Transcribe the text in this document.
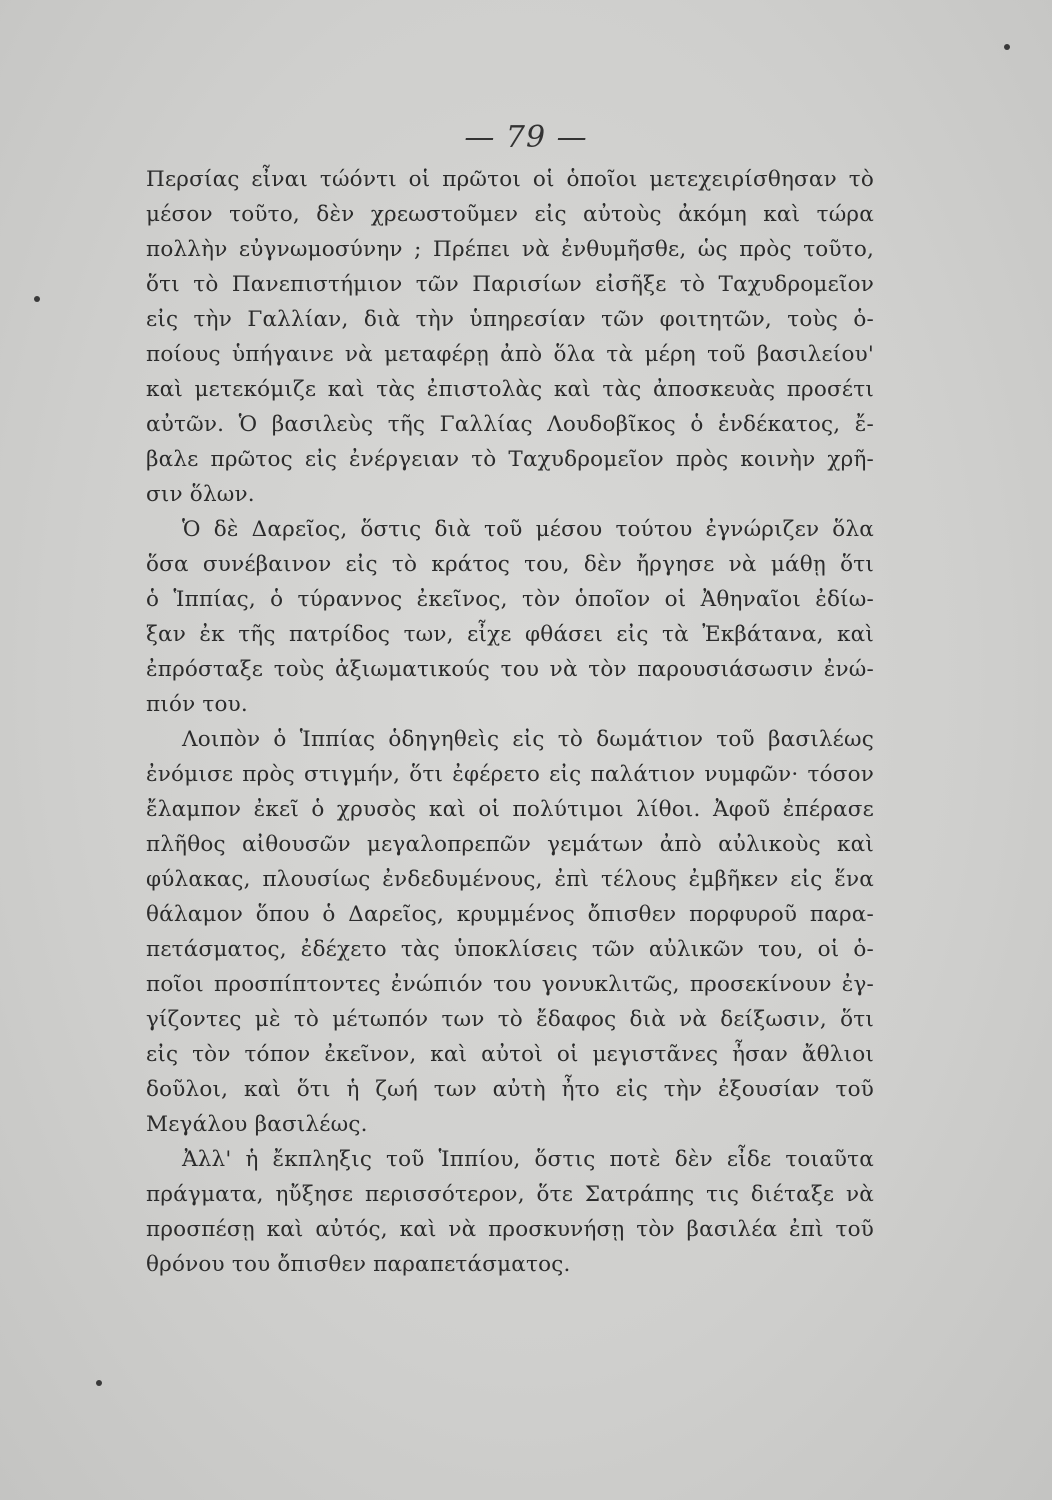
— 79 —
Περσίας εἶναι τώόντι οἱ πρῶτοι οἱ ὁποῖοι μετεχειρίσθησαν τὸ
μέσον τοῦτο, δὲν χρεωστοῦμεν εἰς αὐτοὺς ἀκόμη καὶ τώρα
πολλὴν εὐγνωμοσύνην ; Πρέπει νὰ ἐνθυμῆσθε, ὡς πρὸς τοῦτο,
ὅτι τὸ Πανεπιστήμιον τῶν Παρισίων εἰσῆξε τὸ Ταχυδρομεῖον
εἰς τὴν Γαλλίαν, διὰ τὴν ὑπηρεσίαν τῶν φοιτητῶν, τοὺς ὁ-
ποίους ὑπήγαινε νὰ μεταφέρῃ ἀπὸ ὅλα τὰ μέρη τοῦ βασιλείου'
καὶ μετεκόμιζε καὶ τὰς ἐπιστολὰς καὶ τὰς ἀποσκευὰς προσέτι
αὐτῶν. Ὁ βασιλεὺς τῆς Γαλλίας Λουδοβῖκος ὁ ἑνδέκατος, ἔ-
βαλε πρῶτος εἰς ἐνέργειαν τὸ Ταχυδρομεῖον πρὸς κοινὴν χρῆ-
σιν ὅλων.
Ὁ δὲ Δαρεῖος, ὅστις διὰ τοῦ μέσου τούτου ἐγνώριζεν ὅλα
ὅσα συνέβαινον εἰς τὸ κράτος του, δὲν ἤργησε νὰ μάθῃ ὅτι
ὁ Ἱππίας, ὁ τύραννος ἐκεῖνος, τὸν ὁποῖον οἱ Ἀθηναῖοι ἐδίω-
ξαν ἐκ τῆς πατρίδος των, εἶχε φθάσει εἰς τὰ Ἐκβάτανα, καὶ
ἐπρόσταξε τοὺς ἀξιωματικούς του νὰ τὸν παρουσιάσωσιν ἐνώ-
πιόν του.
Λοιπὸν ὁ Ἱππίας ὁδηγηθεὶς εἰς τὸ δωμάτιον τοῦ βασιλέως
ἐνόμισε πρὸς στιγμήν, ὅτι ἐφέρετο εἰς παλάτιον νυμφῶν· τόσον
ἔλαμπον ἐκεῖ ὁ χρυσὸς καὶ οἱ πολύτιμοι λίθοι. Ἀφοῦ ἐπέρασε
πλῆθος αἰθουσῶν μεγαλοπρεπῶν γεμάτων ἀπὸ αὐλικοὺς καὶ
φύλακας, πλουσίως ἐνδεδυμένους, ἐπὶ τέλους ἐμβῆκεν εἰς ἕνα
θάλαμον ὅπου ὁ Δαρεῖος, κρυμμένος ὄπισθεν πορφυροῦ παρα-
πετάσματος, ἐδέχετο τὰς ὑποκλίσεις τῶν αὐλικῶν του, οἱ ὁ-
ποῖοι προσπίπτοντες ἐνώπιόν του γονυκλιτῶς, προσεκίνουν ἐγ-
γίζοντες μὲ τὸ μέτωπόν των τὸ ἔδαφος διὰ νὰ δείξωσιν, ὅτι
εἰς τὸν τόπον ἐκεῖνον, καὶ αὐτοὶ οἱ μεγιστᾶνες ἦσαν ἄθλιοι
δοῦλοι, καὶ ὅτι ἡ ζωή των αὐτὴ ἦτο εἰς τὴν ἐξουσίαν τοῦ
Μεγάλου βασιλέως.
Ἀλλ' ἡ ἔκπληξις τοῦ Ἱππίου, ὅστις ποτὲ δὲν εἶδε τοιαῦτα
πράγματα, ηὔξησε περισσότερον, ὅτε Σατράπης τις διέταξε νὰ
προσπέσῃ καὶ αὐτός, καὶ νὰ προσκυνήσῃ τὸν βασιλέα ἐπὶ τοῦ
θρόνου του ὄπισθεν παραπετάσματος.
